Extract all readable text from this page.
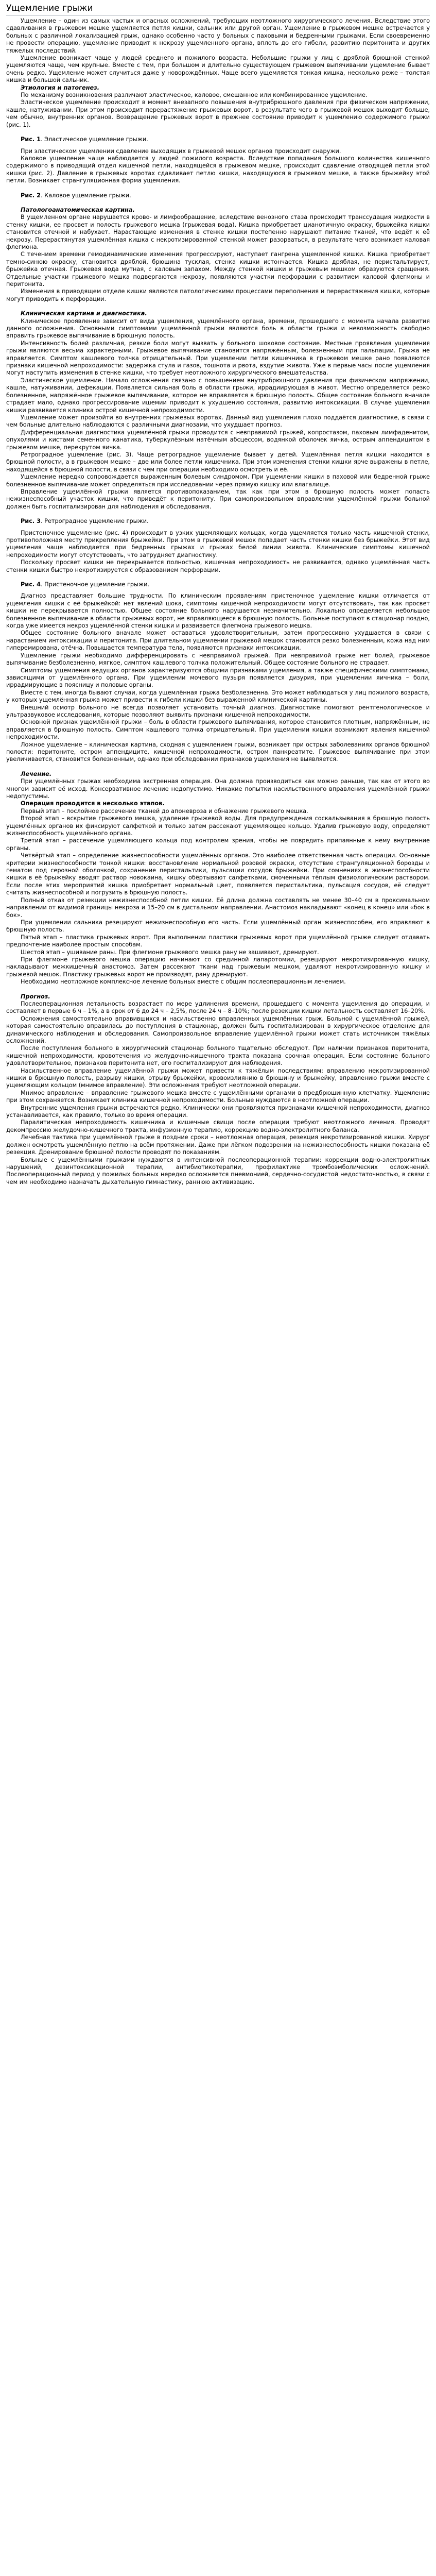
Ущемление грыжи

Ущемление – один из самых частых и опасных осложнений, требующих неотложного хирургического лечения. Вследствие этого сдавливания в грыжевом мешке ущемляется петля кишки, сальник или другой орган. Ущемление в грыжевом мешке встречается у больных с различной локализацией грыж, однако особенно часто у больных с паховыми и бедренными грыжами. Если своевременно не провести операцию, ущемление приводит к некрозу ущемленного органа, вплоть до его гибели, развитию перитонита и других тяжелых последствий.

Ущемление возникает чаще у людей среднего и пожилого возраста. Небольшие грыжи у лиц с дряблой брюшной стенкой ущемляются чаще, чем крупные. Вместе с тем, при большом и длительно существующем грыжевом выпячивании ущемление бывает очень редко. Ущемление может случиться даже у новорождённых. Чаще всего ущемляется тонкая кишка, несколько реже – толстая кишка и большой сальник.

Этиология и патогенез.

По механизму возникновения различают эластическое, каловое, смешанное или комбинированное ущемление.

Эластическое ущемление происходит в момент внезапного повышения внутрибрюшного давления при физическом напряжении, кашле, натуживании. При этом происходит перерастяжение грыжевых ворот, в результате чего в грыжевой мешок выходит больше, чем обычно, внутренних органов. Возвращение грыжевых ворот в прежнее состояние приводит к ущемлению содержимого грыжи (рис. 1).

Рис. 1. Эластическое ущемление грыжи.

При эластическом ущемлении сдавление выходящих в грыжевой мешок органов происходит снаружи.

Каловое ущемление чаще наблюдается у людей пожилого возраста. Вследствие попадания большого количества кишечного содержимого в приводящий отдел кишечной петли, находящейся в грыжевом мешке, происходит сдавление отводящей петли этой кишки (рис. 2). Давление в грыжевых воротах сдавливает петлю кишки, находящуюся в грыжевом мешке, а также брыжейку этой петли. Возникает странгуляционная форма ущемления.

Рис. 2. Каловое ущемление грыжи.

Патологоанатомическая картина.

В ущемленном органе нарушается крово- и лимфообращение, вследствие венозного стаза происходит транссудация жидкости в стенку кишки, ее просвет и полость грыжевого мешка (грыжевая вода). Кишка приобретает цианотичную окраску, брыжейка кишки становится отечной и набухает. Нарастающие изменения в стенке кишки постепенно нарушают питание тканей, что ведёт к её некрозу. Перерастянутая ущемлённая кишка с некротизированной стенкой может разорваться, в результате чего возникает каловая флегмона.

С течением времени гемодинамические изменения прогрессируют, наступает гангрена ущемленной кишки. Кишка приобретает темно-синюю окраску, становится дряблой, брюшина тусклая, стенка кишки истончается. Кишка дряблая, не перистальтирует, брыжейка отечная. Грыжевая вода мутная, с каловым запахом. Между стенкой кишки и грыжевым мешком образуются сращения. Отдельные участки грыжевого мешка подвергаются некрозу, появляются участки перфорации с развитием каловой флегмоны и перитонита.

Изменения в приводящем отделе кишки являются патологическими процессами переполнения и перерастяжения кишки, которые могут приводить к перфорации.

Клиническая картина и диагностика.

Клиническое проявление зависит от вида ущемления, ущемлённого органа, времени, прошедшего с момента начала развития данного осложнения. Основными симптомами ущемлённой грыжи являются боль в области грыжи и невозможность свободно вправить грыжевое выпячивание в брюшную полость.

Интенсивность болей различная, резкие боли могут вызвать у больного шоковое состояние. Местные проявления ущемления грыжи являются весьма характерными. Грыжевое выпячивание становится напряжённым, болезненным при пальпации. Грыжа не вправляется. Симптом кашлевого толчка отрицательный. При ущемлении петли кишечника в грыжевом мешке рано появляются признаки кишечной непроходимости: задержка стула и газов, тошнота и рвота, вздутие живота. Уже в первые часы после ущемления могут наступить изменения в стенке кишки, что требует неотложного хирургического вмешательства.

Эластическое ущемление. Начало осложнения связано с повышением внутрибрюшного давления при физическом напряжении, кашле, натуживании, дефекации. Появляется сильная боль в области грыжи, иррадиирующая в живот. Местно определяется резко болезненное, напряжённое грыжевое выпячивание, которое не вправляется в брюшную полость. Общее состояние больного вначале страдает мало, однако прогрессирование ишемии приводит к ухудшению состояния, развитию интоксикации. В случае ущемления кишки развивается клиника острой кишечной непроходимости.

Ущемление может произойти во внутренних грыжевых воротах. Данный вид ущемления плохо поддаётся диагностике, в связи с чем больные длительно наблюдаются с различными диагнозами, что ухудшает прогноз.

Дифференциальная диагностика ущемлённой грыжи проводится с невправимой грыжей, копростазом, паховым лимфаденитом, опухолями и кистами семенного канатика, туберкулёзным натёчным абсцессом, водянкой оболочек яичка, острым аппендицитом в грыжевом мешке, перекрутом яичка.

Ретроградное ущемление (рис. 3). Чаще ретроградное ущемление бывает у детей. Ущемлённая петля кишки находится в брюшной полости, а в грыжевом мешке – две или более петли кишечника. При этом изменения стенки кишки ярче выражены в петле, находящейся в брюшной полости, в связи с чем при операции необходимо осмотреть и её.

Ущемление нередко сопровождается выраженным болевым синдромом. При ущемлении кишки в паховой или бедренной грыже болезненное выпячивание может определяться при исследовании через прямую кишку или влагалище.

Вправление ущемлённой грыжи является противопоказанием, так как при этом в брюшную полость может попасть нежизнеспособный участок кишки, что приведёт к перитониту. При самопроизвольном вправлении ущемлённой грыжи больной должен быть госпитализирован для наблюдения и обследования.

Рис. 3. Ретроградное ущемление грыжи.

Пристеночное ущемление (рис. 4) происходит в узких ущемляющих кольцах, когда ущемляется только часть кишечной стенки, противоположная месту прикрепления брыжейки. При этом в грыжевой мешок попадает часть стенки кишки без брыжейки. Этот вид ущемления чаще наблюдается при бедренных грыжах и грыжах белой линии живота. Клинические симптомы кишечной непроходимости могут отсутствовать, что затрудняет диагностику.

Поскольку просвет кишки не перекрывается полностью, кишечная непроходимость не развивается, однако ущемлённая часть стенки кишки быстро некротизируется с образованием перфорации.

Рис. 4. Пристеночное ущемление грыжи.

Диагноз представляет большие трудности. По клиническим проявлениям пристеночное ущемление кишки отличается от ущемления кишки с её брыжейкой: нет явлений шока, симптомы кишечной непроходимости могут отсутствовать, так как просвет кишки не перекрывается полностью. Общее состояние больного нарушается незначительно. Локально определяется небольшое болезненное выпячивание в области грыжевых ворот, не вправляющееся в брюшную полость. Больные поступают в стационар поздно, когда уже имеется некроз ущемлённой стенки кишки и развивается флегмона грыжевого мешка.

Общее состояние больного вначале может оставаться удовлетворительным, затем прогрессивно ухудшается в связи с нарастанием интоксикации и перитонита. При длительном ущемлении грыжевой мешок становится резко болезненным, кожа над ним гиперемирована, отёчна. Повышается температура тела, появляются признаки интоксикации.

Ущемление грыжи необходимо дифференцировать с невправимой грыжей. При невправимой грыже нет болей, грыжевое выпячивание безболезненно, мягкое, симптом кашлевого толчка положительный. Общее состояние больного не страдает.

Симптомы ущемления ведущих органов характеризуются общими признаками ущемления, а также специфическими симптомами, зависящими от ущемлённого органа. При ущемлении мочевого пузыря появляется дизурия, при ущемлении яичника – боли, иррадиирующие в поясницу и половые органы.

Вместе с тем, иногда бывают случаи, когда ущемлённая грыжа безболезненна. Это может наблюдаться у лиц пожилого возраста, у которых ущемлённая грыжа может привести к гибели кишки без выраженной клинической картины.

Внешний осмотр больного не всегда позволяет установить точный диагноз. Диагностике помогают рентгенологическое и ультразвуковое исследования, которые позволяют выявить признаки кишечной непроходимости.

Основной признак ущемлённой грыжи – боль в области грыжевого выпячивания, которое становится плотным, напряжённым, не вправляется в брюшную полость. Симптом кашлевого толчка отрицательный. При ущемлении кишки возникают явления кишечной непроходимости.

Ложное ущемление – клиническая картина, сходная с ущемлением грыжи, возникает при острых заболеваниях органов брюшной полости: перитоните, остром аппендиците, кишечной непроходимости, остром панкреатите. Грыжевое выпячивание при этом увеличивается, становится болезненным, однако при обследовании признаков ущемления не выявляется.

Лечение.

При ущемлённых грыжах необходима экстренная операция. Она должна производиться как можно раньше, так как от этого во многом зависит её исход. Консервативное лечение недопустимо. Никакие попытки насильственного вправления ущемлённой грыжи недопустимы.

Операция проводится в несколько этапов.

Первый этап – послойное рассечение тканей до апоневроза и обнажение грыжевого мешка.

Второй этап – вскрытие грыжевого мешка, удаление грыжевой воды. Для предупреждения соскальзывания в брюшную полость ущемлённых органов их фиксируют салфеткой и только затем рассекают ущемляющее кольцо. Удалив грыжевую воду, определяют жизнеспособность ущемлённого органа.

Третий этап – рассечение ущемляющего кольца под контролем зрения, чтобы не повредить припаянные к нему внутренние органы.

Четвёртый этап – определение жизнеспособности ущемлённых органов. Это наиболее ответственная часть операции. Основные критерии жизнеспособности тонкой кишки: восстановление нормальной розовой окраски, отсутствие странгуляционной борозды и гематом под серозной оболочкой, сохранение перистальтики, пульсации сосудов брыжейки. При сомнениях в жизнеспособности кишки в её брыжейку вводят раствор новокаина, кишку обёртывают салфетками, смоченными тёплым физиологическим раствором. Если после этих мероприятий кишка приобретает нормальный цвет, появляется перистальтика, пульсация сосудов, её следует считать жизнеспособной и погрузить в брюшную полость.

Полный отказ от резекции нежизнеспособной петли кишки. Её длина должна составлять не менее 30–40 см в проксимальном направлении от видимой границы некроза и 15–20 см в дистальном направлении. Анастомоз накладывают «конец в конец» или «бок в бок».

При ущемлении сальника резецируют нежизнеспособную его часть. Если ущемлённый орган жизнеспособен, его вправляют в брюшную полость.

Пятый этап – пластика грыжевых ворот. При выполнении пластики грыжевых ворот при ущемлённой грыже следует отдавать предпочтение наиболее простым способам.

Шестой этап – ушивание раны. При флегмоне грыжевого мешка рану не зашивают, дренируют.

При флегмоне грыжевого мешка операцию начинают со срединной лапаротомии, резецируют некротизированную кишку, накладывают межкишечный анастомоз. Затем рассекают ткани над грыжевым мешком, удаляют некротизированную кишку и грыжевой мешок. Пластику грыжевых ворот не производят, рану дренируют.

Необходимо неотложное комплексное лечение больных вместе с общим послеоперационным лечением.

Прогноз.

Послеоперационная летальность возрастает по мере удлинения времени, прошедшего с момента ущемления до операции, и составляет в первые 6 ч – 1%, а в срок от 6 до 24 ч – 2,5%, после 24 ч – 8–10%; после резекции кишки летальность составляет 16–20%.

Осложнения самостоятельно вправившихся и насильственно вправленных ущемлённых грыж. Больной с ущемлённой грыжей, которая самостоятельно вправилась до поступления в стационар, должен быть госпитализирован в хирургическое отделение для динамического наблюдения и обследования. Самопроизвольное вправление ущемлённой грыжи может стать источником тяжёлых осложнений.

После поступления больного в хирургический стационар больного тщательно обследуют. При наличии признаков перитонита, кишечной непроходимости, кровотечения из желудочно-кишечного тракта показана срочная операция. Если состояние больного удовлетворительное, признаков перитонита нет, его госпитализируют для наблюдения.

Насильственное вправление ущемлённой грыжи может привести к тяжёлым последствиям: вправлению некротизированной кишки в брюшную полость, разрыву кишки, отрыву брыжейки, кровоизлиянию в брюшину и брыжейку, вправлению грыжи вместе с ущемляющим кольцом (мнимое вправление). Эти осложнения требуют неотложной операции.

Мнимое вправление – вправление грыжевого мешка вместе с ущемлёнными органами в предбрюшинную клетчатку. Ущемление при этом сохраняется. Возникает клиника кишечной непроходимости. Больные нуждаются в неотложной операции.

Внутренние ущемления грыжи встречаются редко. Клинически они проявляются признаками кишечной непроходимости, диагноз устанавливается, как правило, только во время операции.

Паралитическая непроходимость кишечника и кишечные свищи после операции требуют неотложного лечения. Проводят декомпрессию желудочно-кишечного тракта, инфузионную терапию, коррекцию водно-электролитного баланса.

Лечебная тактика при ущемлённой грыже в поздние сроки – неотложная операция, резекция некротизированной кишки. Хирург должен осмотреть ущемлённую петлю на всём протяжении. Даже при лёгком подозрении на нежизнеспособность кишки показана её резекция. Дренирование брюшной полости проводят по показаниям.

Больные с ущемлёнными грыжами нуждаются в интенсивной послеоперационной терапии: коррекции водно-электролитных нарушений, дезинтоксикационной терапии, антибиотикотерапии, профилактике тромбоэмболических осложнений. Послеоперационный период у пожилых больных нередко осложняется пневмонией, сердечно-сосудистой недостаточностью, в связи с чем им необходимо назначать дыхательную гимнастику, раннюю активизацию.
